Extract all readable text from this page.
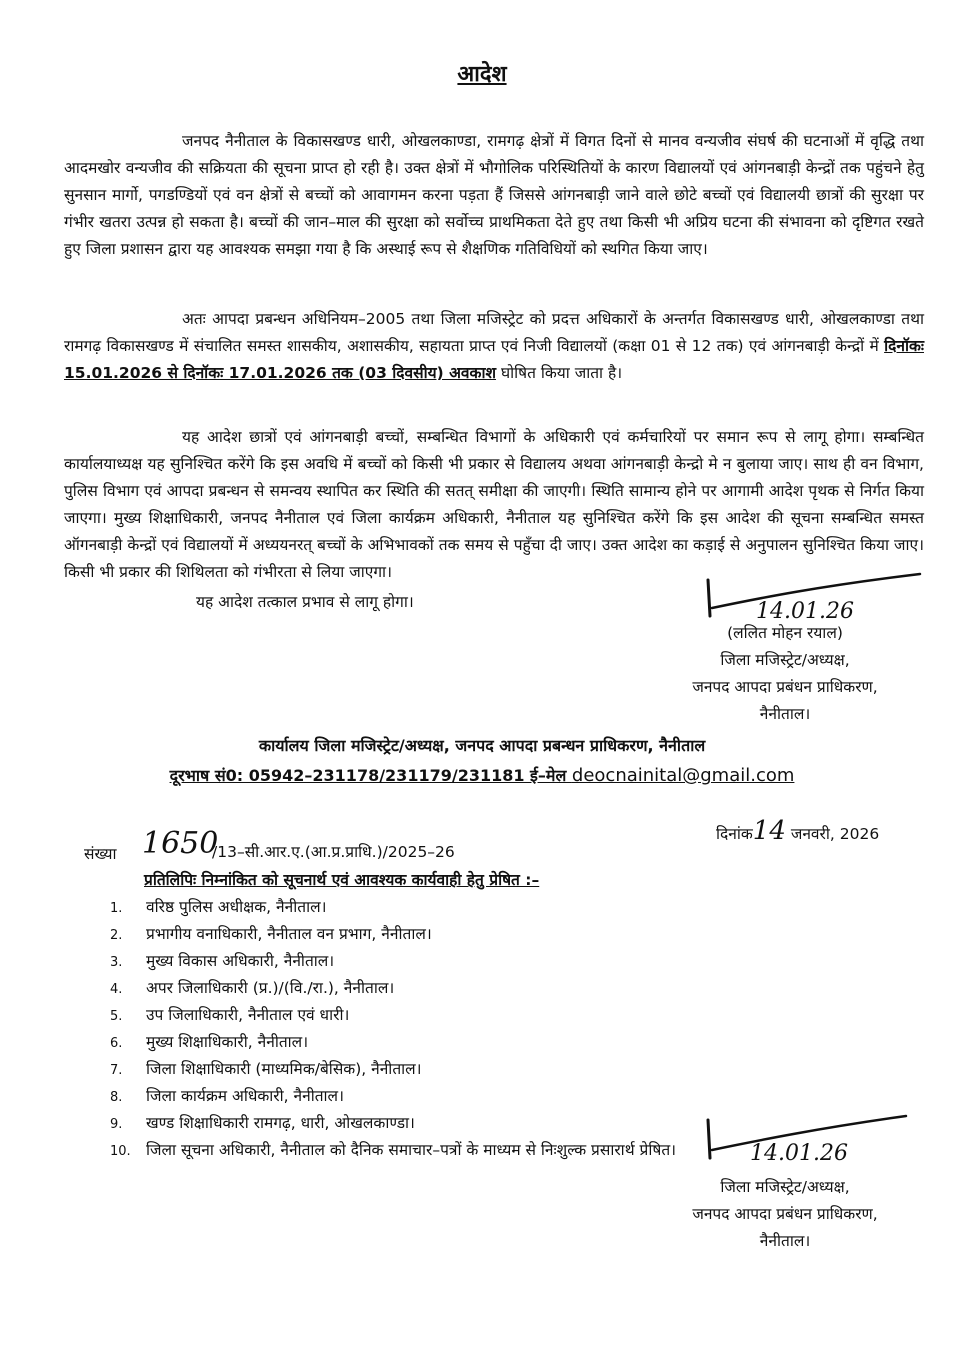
आदेश

जनपद नैनीताल के विकासखण्ड धारी, ओखलकाण्डा, रामगढ़ क्षेत्रों में विगत दिनों से मानव वन्यजीव संघर्ष की घटनाओं में वृद्धि तथा आदमखोर वन्यजीव की सक्रियता की सूचना प्राप्त हो रही है। उक्त क्षेत्रों में भौगोलिक परिस्थितियों के कारण विद्यालयों एवं आंगनबाड़ी केन्द्रों तक पहुंचने हेतु सुनसान मार्गो, पगडण्डियों एवं वन क्षेत्रों से बच्चों को आवागमन करना पड़ता हैं जिससे आंगनबाड़ी जाने वाले छोटे बच्चों एवं विद्यालयी छात्रों की सुरक्षा पर गंभीर खतरा उत्पन्न हो सकता है। बच्चों की जान–माल की सुरक्षा को सर्वोच्च प्राथमिकता देते हुए तथा किसी भी अप्रिय घटना की संभावना को दृष्टिगत रखते हुए जिला प्रशासन द्वारा यह आवश्यक समझा गया है कि अस्थाई रूप से शैक्षणिक गतिविधियों को स्थगित किया जाए।

अतः आपदा प्रबन्धन अधिनियम–2005 तथा जिला मजिस्ट्रेट को प्रदत्त अधिकारों के अन्तर्गत विकासखण्ड धारी, ओखलकाण्डा तथा रामगढ़ विकासखण्ड में संचालित समस्त शासकीय, अशासकीय, सहायता प्राप्त एवं निजी विद्यालयों (कक्षा 01 से 12 तक) एवं आंगनबाड़ी केन्द्रों में दिनॉकः 15.01.2026 से दिनॉकः 17.01.2026 तक (03 दिवसीय) अवकाश घोषित किया जाता है।

यह आदेश छात्रों एवं आंगनबाड़ी बच्चों, सम्बन्धित विभागों के अधिकारी एवं कर्मचारियों पर समान रूप से लागू होगा। सम्बन्धित कार्यालयाध्यक्ष यह सुनिश्चित करेंगे कि इस अवधि में बच्चों को किसी भी प्रकार से विद्यालय अथवा आंगनबाड़ी केन्द्रो मे न बुलाया जाए। साथ ही वन विभाग, पुलिस विभाग एवं आपदा प्रबन्धन से समन्वय स्थापित कर स्थिति की सतत् समीक्षा की जाएगी। स्थिति सामान्य होने पर आगामी आदेश पृथक से निर्गत किया जाएगा। मुख्य शिक्षाधिकारी, जनपद नैनीताल एवं जिला कार्यक्रम अधिकारी, नैनीताल यह सुनिश्चित करेंगे कि इस आदेश की सूचना सम्बन्धित समस्त ऑगनबाड़ी केन्द्रों एवं विद्यालयों में अध्ययनरत् बच्चों के अभिभावकों तक समय से पहुँचा दी जाए। उक्त आदेश का कड़ाई से अनुपालन सुनिश्चित किया जाए। किसी भी प्रकार की शिथिलता को गंभीरता से लिया जाएगा।

यह आदेश तत्काल प्रभाव से लागू होगा।	14.01.26
(ललित मोहन रयाल)
जिला मजिस्ट्रेट/अध्यक्ष,
जनपद आपदा प्रबंधन प्राधिकरण,
नैनीताल।
कार्यालय जिला मजिस्ट्रेट/अध्यक्ष, जनपद आपदा प्रबन्धन प्राधिकरण, नैनीताल
दूरभाष सं0: 05942–231178/231179/231181 ई–मेल deocnainital@gmail.com
संख्या 1650
/13–सी.आर.ए.(आ.प्र.प्राधि.)/2025–26
दिनांक14 जनवरी, 2026
प्रतिलिपिः निम्नांकित को सूचनार्थ एवं आवश्यक कार्यवाही हेतु प्रेषित :–
1. वरिष्ठ पुलिस अधीक्षक, नैनीताल।
2. प्रभागीय वनाधिकारी, नैनीताल वन प्रभाग, नैनीताल।
3. मुख्य विकास अधिकारी, नैनीताल।
4. अपर जिलाधिकारी (प्र.)/(वि./रा.), नैनीताल।
5. उप जिलाधिकारी, नैनीताल एवं धारी।
6. मुख्य शिक्षाधिकारी, नैनीताल।
7. जिला शिक्षाधिकारी (माध्यमिक/बेसिक), नैनीताल।
8. जिला कार्यक्रम अधिकारी, नैनीताल।
9. खण्ड शिक्षाधिकारी रामगढ़, धारी, ओखलकाण्डा।
10. जिला सूचना अधिकारी, नैनीताल को दैनिक समाचार–पत्रों के माध्यम से निःशुल्क प्रसारार्थ प्रेषित।	14.01.26
जिला मजिस्ट्रेट/अध्यक्ष,
जनपद आपदा प्रबंधन प्राधिकरण,
नैनीताल।
